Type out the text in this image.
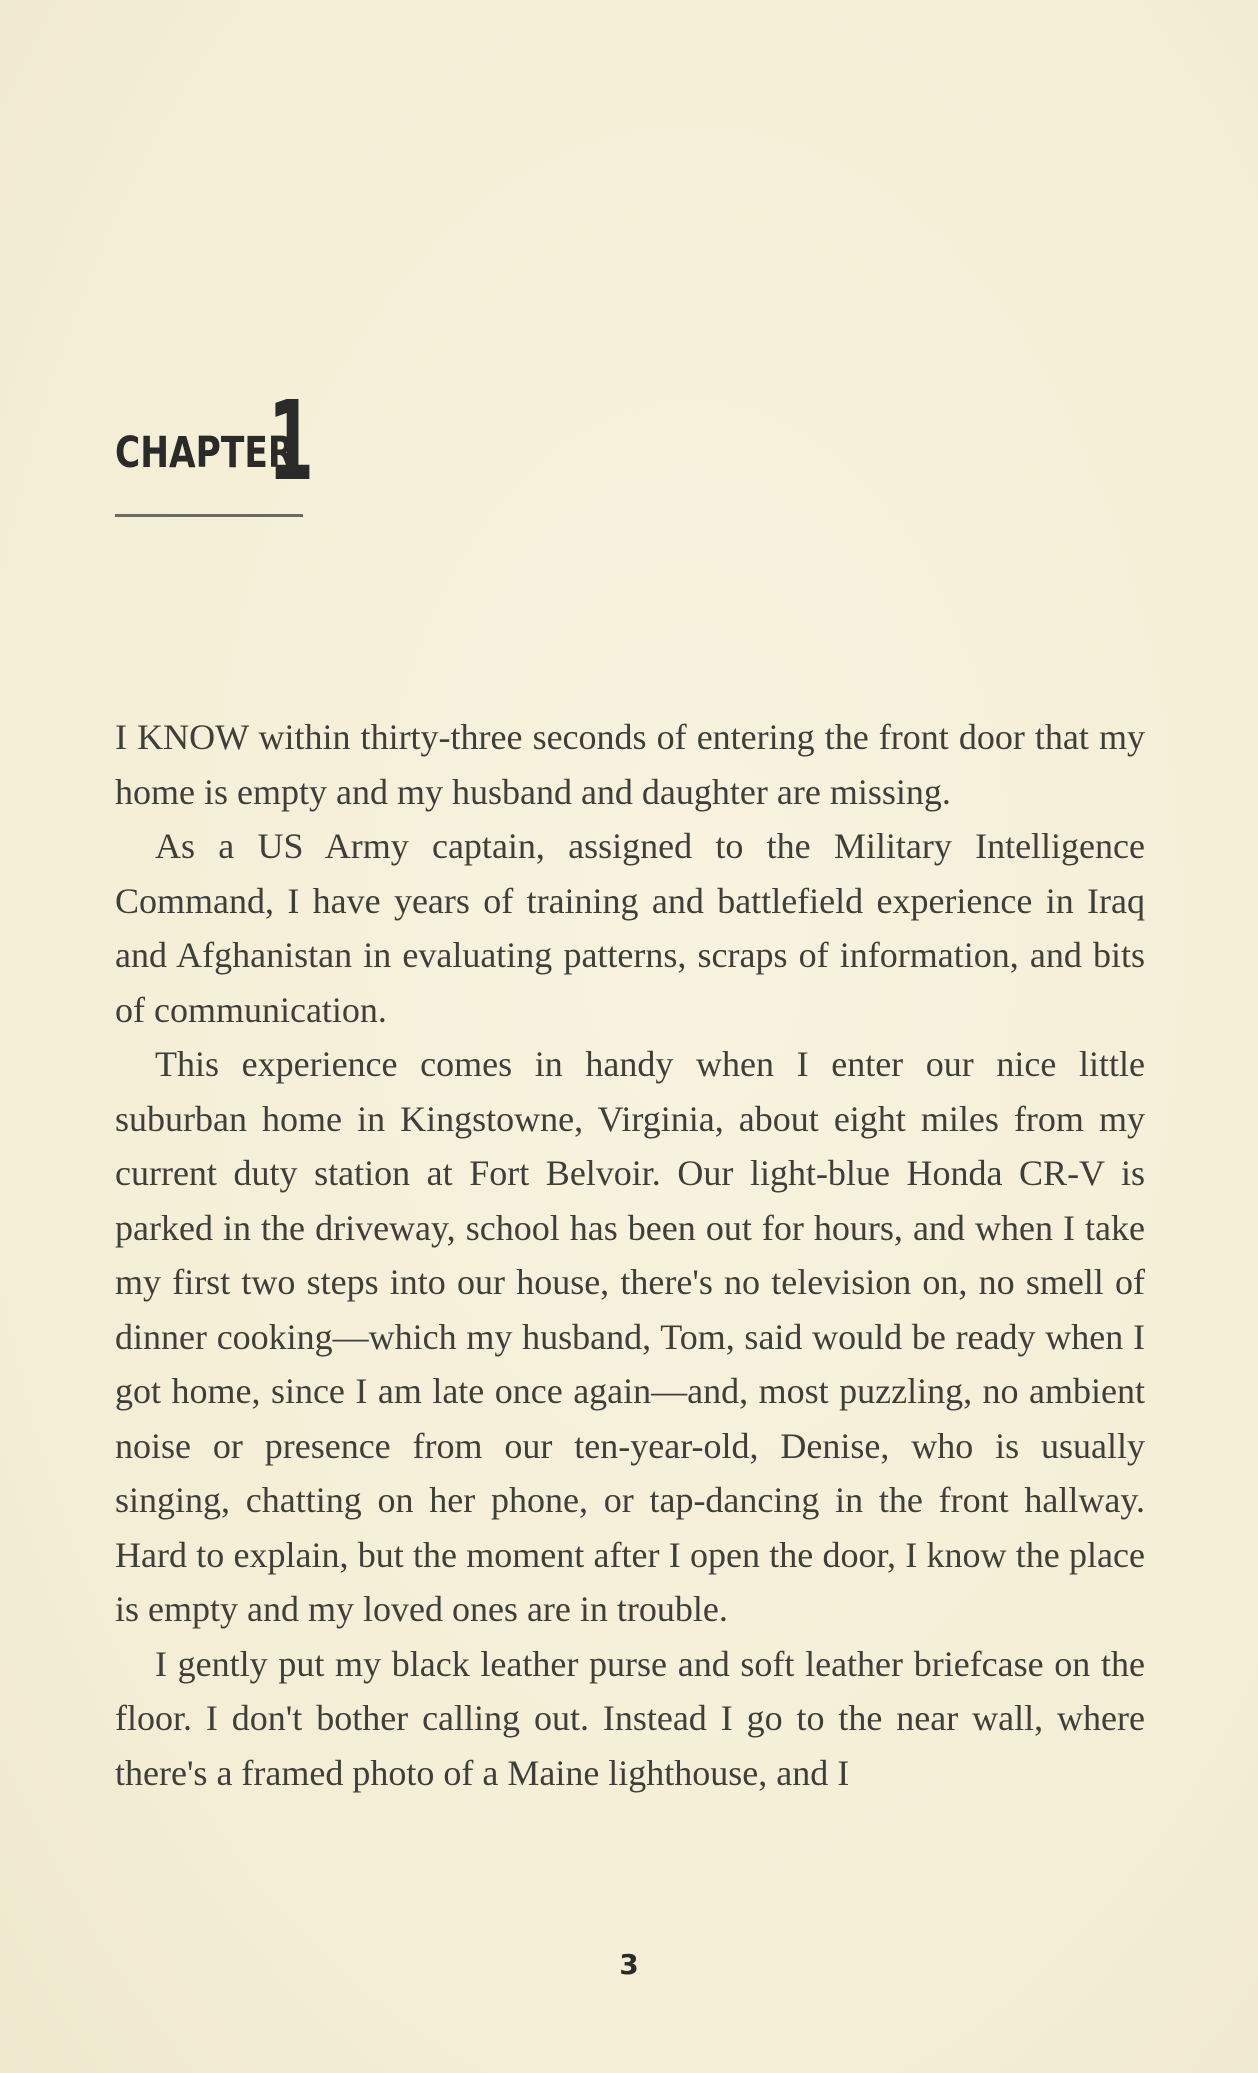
CHAPTER
1

I KNOW within thirty-three seconds of entering the front door that my home is empty and my husband and daughter are missing.

As a US Army captain, assigned to the Military Intelligence Command, I have years of training and battlefield experience in Iraq and Afghanistan in evaluating patterns, scraps of information, and bits of communication.

This experience comes in handy when I enter our nice little suburban home in Kingstowne, Virginia, about eight miles from my current duty station at Fort Belvoir. Our light-blue Honda CR-V is parked in the driveway, school has been out for hours, and when I take my first two steps into our house, there's no television on, no smell of dinner cooking—which my husband, Tom, said would be ready when I got home, since I am late once again—and, most puzzling, no ambient noise or presence from our ten-year-old, Denise, who is usually singing, chatting on her phone, or tap-dancing in the front hallway. Hard to explain, but the moment after I open the door, I know the place is empty and my loved ones are in trouble.

I gently put my black leather purse and soft leather briefcase on the floor. I don't bother calling out. Instead I go to the near wall, where there's a framed photo of a Maine lighthouse, and I

3
